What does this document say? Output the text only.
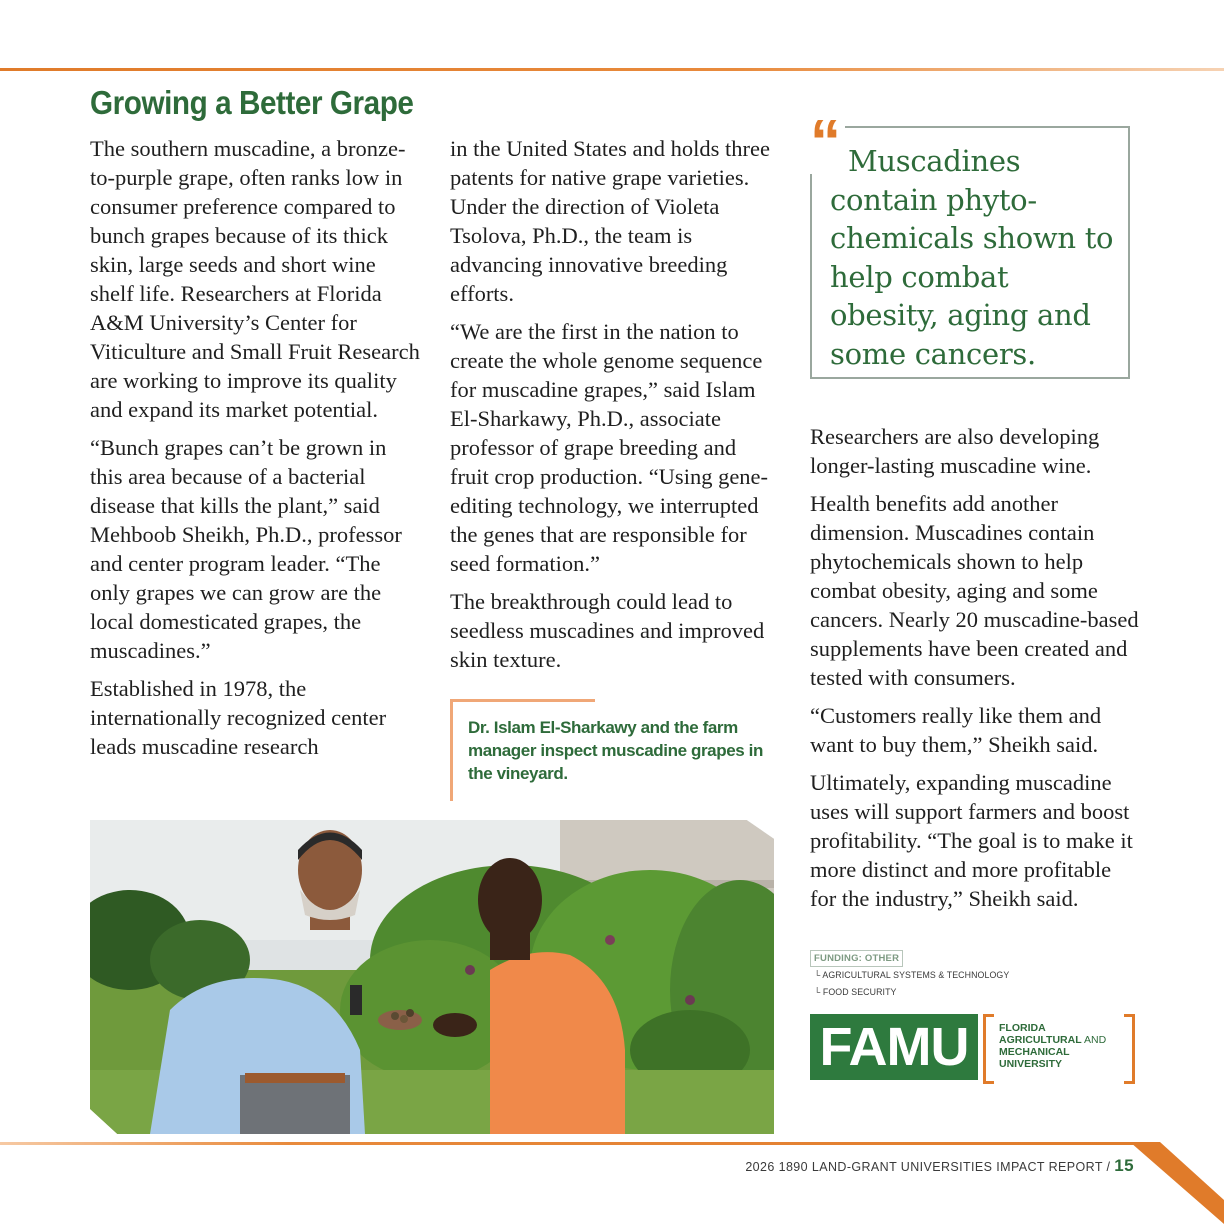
Growing a Better Grape

The southern muscadine, a bronze-to-purple grape, often ranks low in consumer preference compared to bunch grapes because of its thick skin, large seeds and short wine shelf life. Researchers at Florida A&M University’s Center for Viticulture and Small Fruit Research are working to improve its quality and expand its market potential.

“Bunch grapes can’t be grown in this area because of a bacterial disease that kills the plant,” said Mehboob Sheikh, Ph.D., professor and center program leader. “The only grapes we can grow are the local domesticated grapes, the muscadines.”

Established in 1978, the internationally recognized center leads muscadine research

in the United States and holds three patents for native grape varieties. Under the direction of Violeta Tsolova, Ph.D., the team is advancing innovative breeding efforts.

“We are the first in the nation to create the whole genome sequence for muscadine grapes,” said Islam El-Sharkawy, Ph.D., associate professor of grape breeding and fruit crop production. “Using gene-editing technology, we interrupted the genes that are responsible for seed formation.”

The breakthrough could lead to seedless muscadines and improved skin texture.

“ Muscadines contain phyto-chemicals shown to help combat obesity, aging and some cancers.

Researchers are also developing longer-lasting muscadine wine.

Health benefits add another dimension. Muscadines contain phytochemicals shown to help combat obesity, aging and some cancers. Nearly 20 muscadine-based supplements have been created and tested with consumers.

“Customers really like them and want to buy them,” Sheikh said.

Ultimately, expanding muscadine uses will support farmers and boost profitability. “The goal is to make it more distinct and more profitable for the industry,” Sheikh said.

Dr. Islam El-Sharkawy and the farm manager inspect muscadine grapes in the vineyard.
FUNDING: OTHER
└ AGRICULTURAL SYSTEMS & TECHNOLOGY
└ FOOD SECURITY
FAMU	FLORIDA
AGRICULTURAL AND
MECHANICAL
UNIVERSITY
2026 1890 LAND-GRANT UNIVERSITIES IMPACT REPORT / 15
